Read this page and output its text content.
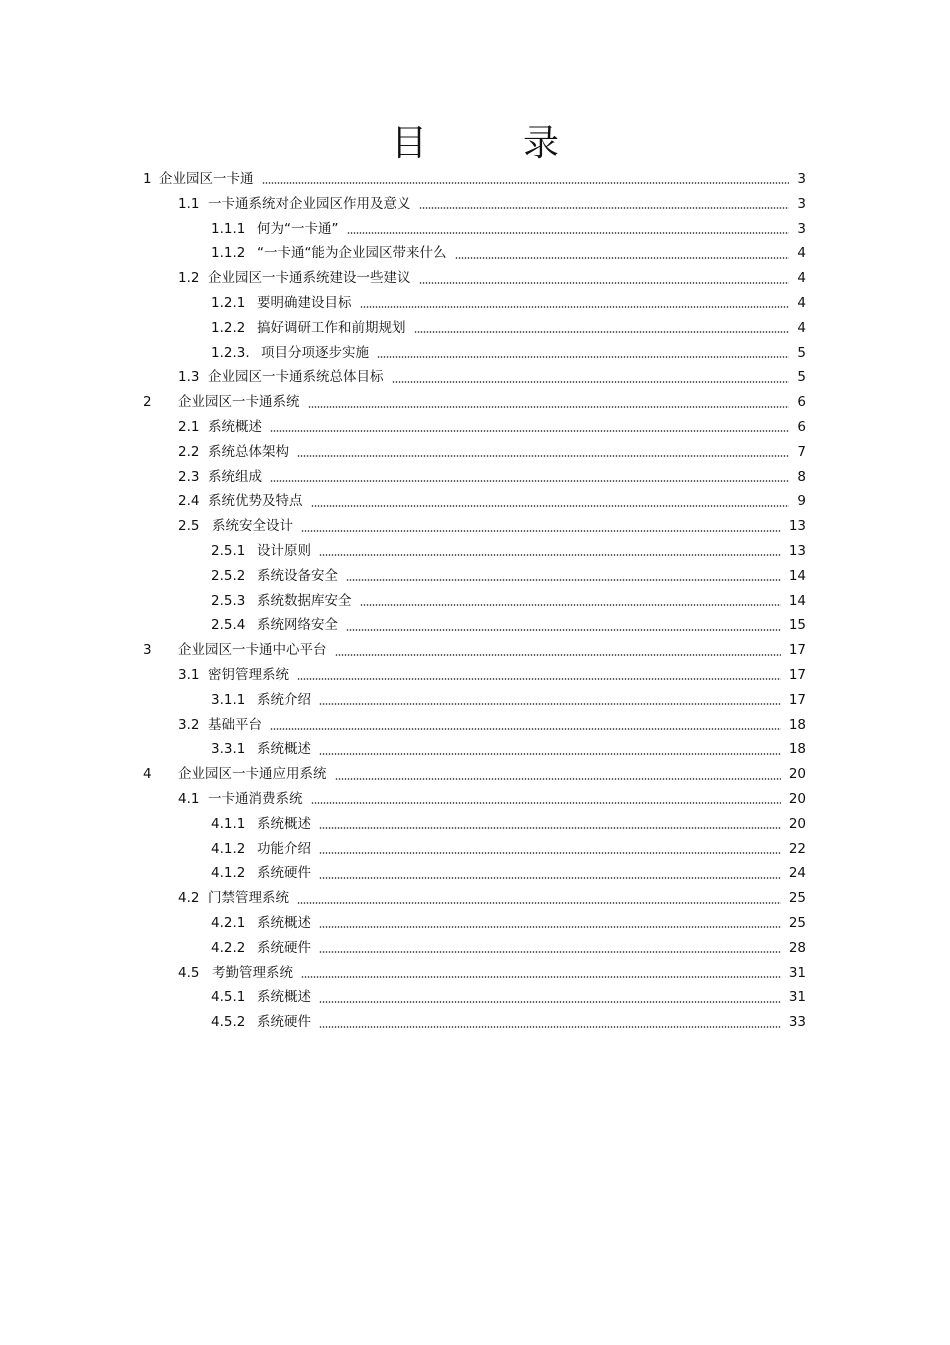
目　录
1 企业园区一卡通	3
1.1 一卡通系统对企业园区作用及意义	3
1.1.1 何为“一卡通”	3
1.1.2 “一卡通“能为企业园区带来什么	4
1.2 企业园区一卡通系统建设一些建议	4
1.2.1 要明确建设目标	4
1.2.2 搞好调研工作和前期规划	4
1.2.3. 项目分项逐步实施	5
1.3 企业园区一卡通系统总体目标	5
2	企业园区一卡通系统	6
2.1 系统概述	6
2.2 系统总体架构	7
2.3 系统组成	8
2.4 系统优势及特点	9
2.5 系统安全设计	13
2.5.1 设计原则	13
2.5.2 系统设备安全	14
2.5.3 系统数据库安全	14
2.5.4 系统网络安全	15
3	企业园区一卡通中心平台	17
3.1 密钥管理系统	17
3.1.1 系统介绍	17
3.2 基础平台	18
3.3.1 系统概述	18
4	企业园区一卡通应用系统	20
4.1 一卡通消费系统	20
4.1.1 系统概述	20
4.1.2 功能介绍	22
4.1.2 系统硬件	24
4.2 门禁管理系统	25
4.2.1 系统概述	25
4.2.2 系统硬件	28
4.5 考勤管理系统	31
4.5.1 系统概述	31
4.5.2 系统硬件	33
